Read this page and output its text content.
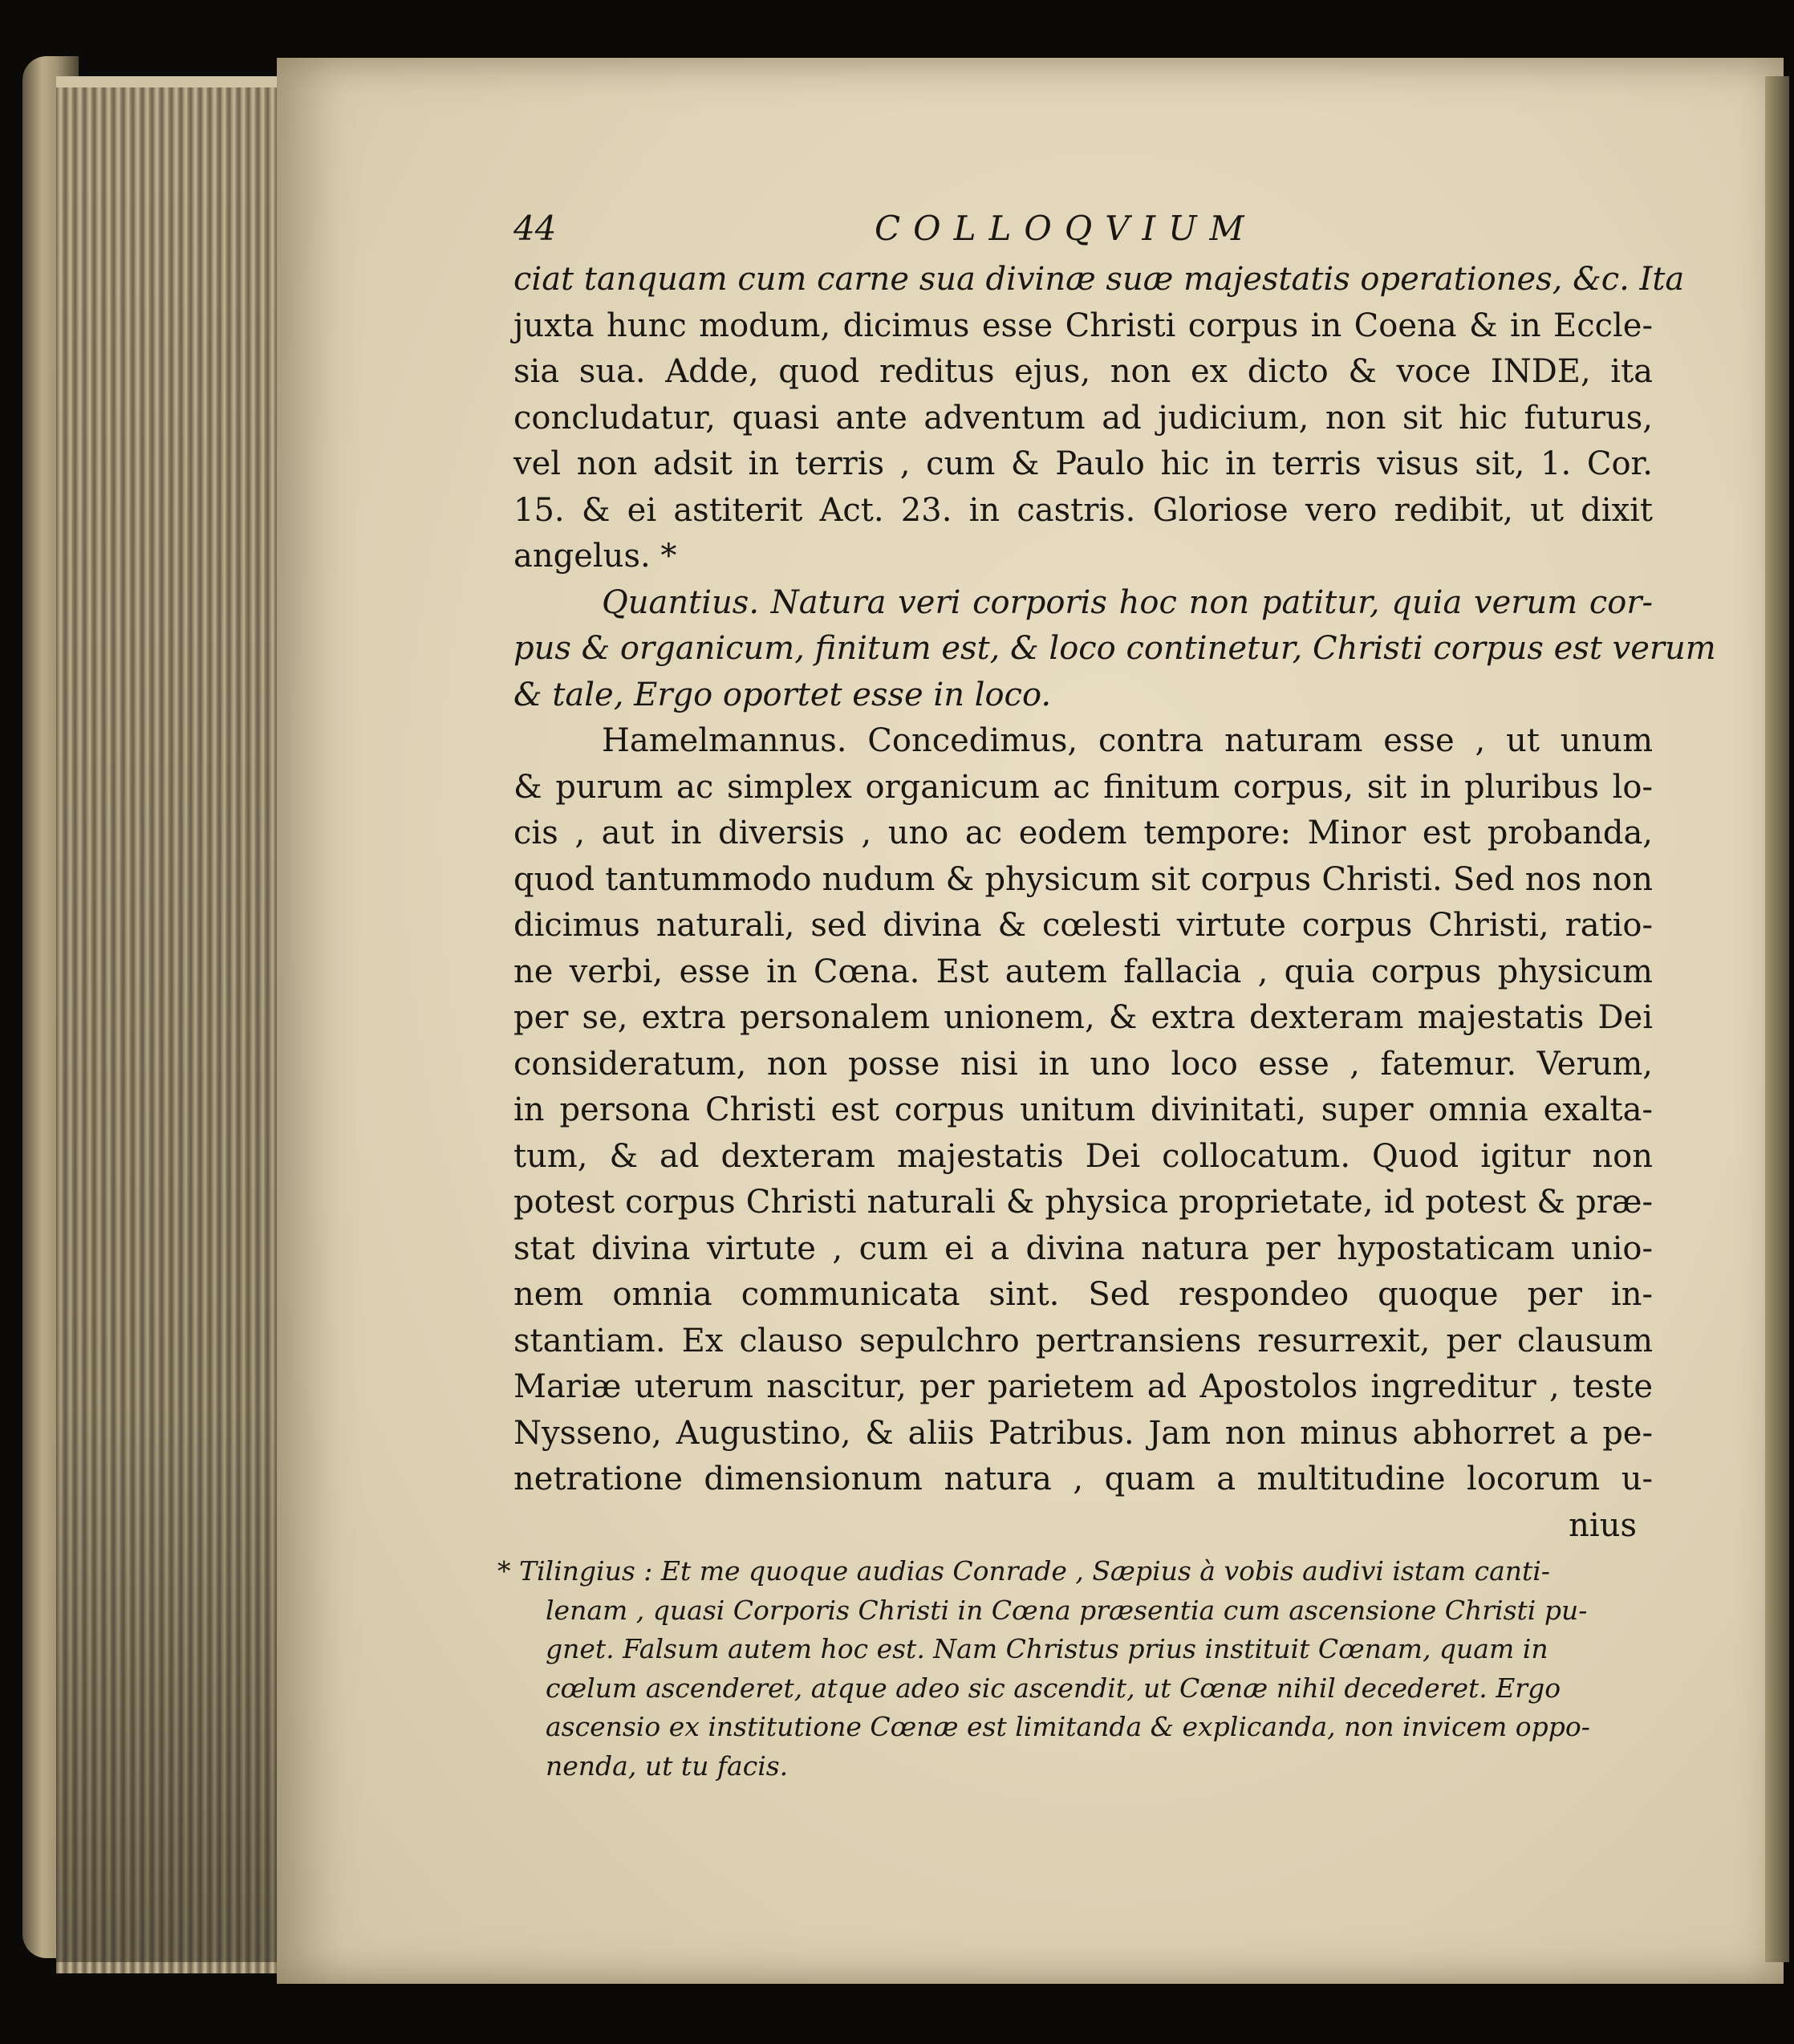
44	COLLOQVIUM
ciat tanquam cum carne sua divinæ suæ majestatis operationes, &c. Ita
juxta hunc modum, dicimus esse Christi corpus in Coena & in Eccle-
sia sua. Adde, quod reditus ejus, non ex dicto & voce INDE, ita
concludatur, quasi ante adventum ad judicium, non sit hic futurus,
vel non adsit in terris , cum & Paulo hic in terris visus sit, 1. Cor.
15. & ei astiterit Act. 23. in castris. Gloriose vero redibit, ut dixit
angelus. *
Quantius. Natura veri corporis hoc non patitur, quia verum cor-
pus & organicum, finitum est, & loco continetur, Christi corpus est verum
& tale, Ergo oportet esse in loco.
Hamelmannus. Concedimus, contra naturam esse , ut unum
& purum ac simplex organicum ac finitum corpus, sit in pluribus lo-
cis , aut in diversis , uno ac eodem tempore: Minor est probanda,
quod tantummodo nudum & physicum sit corpus Christi. Sed nos non
dicimus naturali, sed divina & cœlesti virtute corpus Christi, ratio-
ne verbi, esse in Cœna. Est autem fallacia , quia corpus physicum
per se, extra personalem unionem, & extra dexteram majestatis Dei
consideratum, non posse nisi in uno loco esse , fatemur. Verum,
in persona Christi est corpus unitum divinitati, super omnia exalta-
tum, & ad dexteram majestatis Dei collocatum. Quod igitur non
potest corpus Christi naturali & physica proprietate, id potest & præ-
stat divina virtute , cum ei a divina natura per hypostaticam unio-
nem omnia communicata sint. Sed respondeo quoque per in-
stantiam. Ex clauso sepulchro pertransiens resurrexit, per clausum
Mariæ uterum nascitur, per parietem ad Apostolos ingreditur , teste
Nysseno, Augustino, & aliis Patribus. Jam non minus abhorret a pe-
netratione dimensionum natura , quam a multitudine locorum u-
nius
* Tilingius : Et me quoque audias Conrade , Sæpius à vobis audivi istam canti-
lenam , quasi Corporis Christi in Cœna præsentia cum ascensione Christi pu-
gnet. Falsum autem hoc est. Nam Christus prius instituit Cœnam, quam in
cœlum ascenderet, atque adeo sic ascendit, ut Cœnæ nihil decederet. Ergo
ascensio ex institutione Cœnæ est limitanda & explicanda, non invicem oppo-
nenda, ut tu facis.
